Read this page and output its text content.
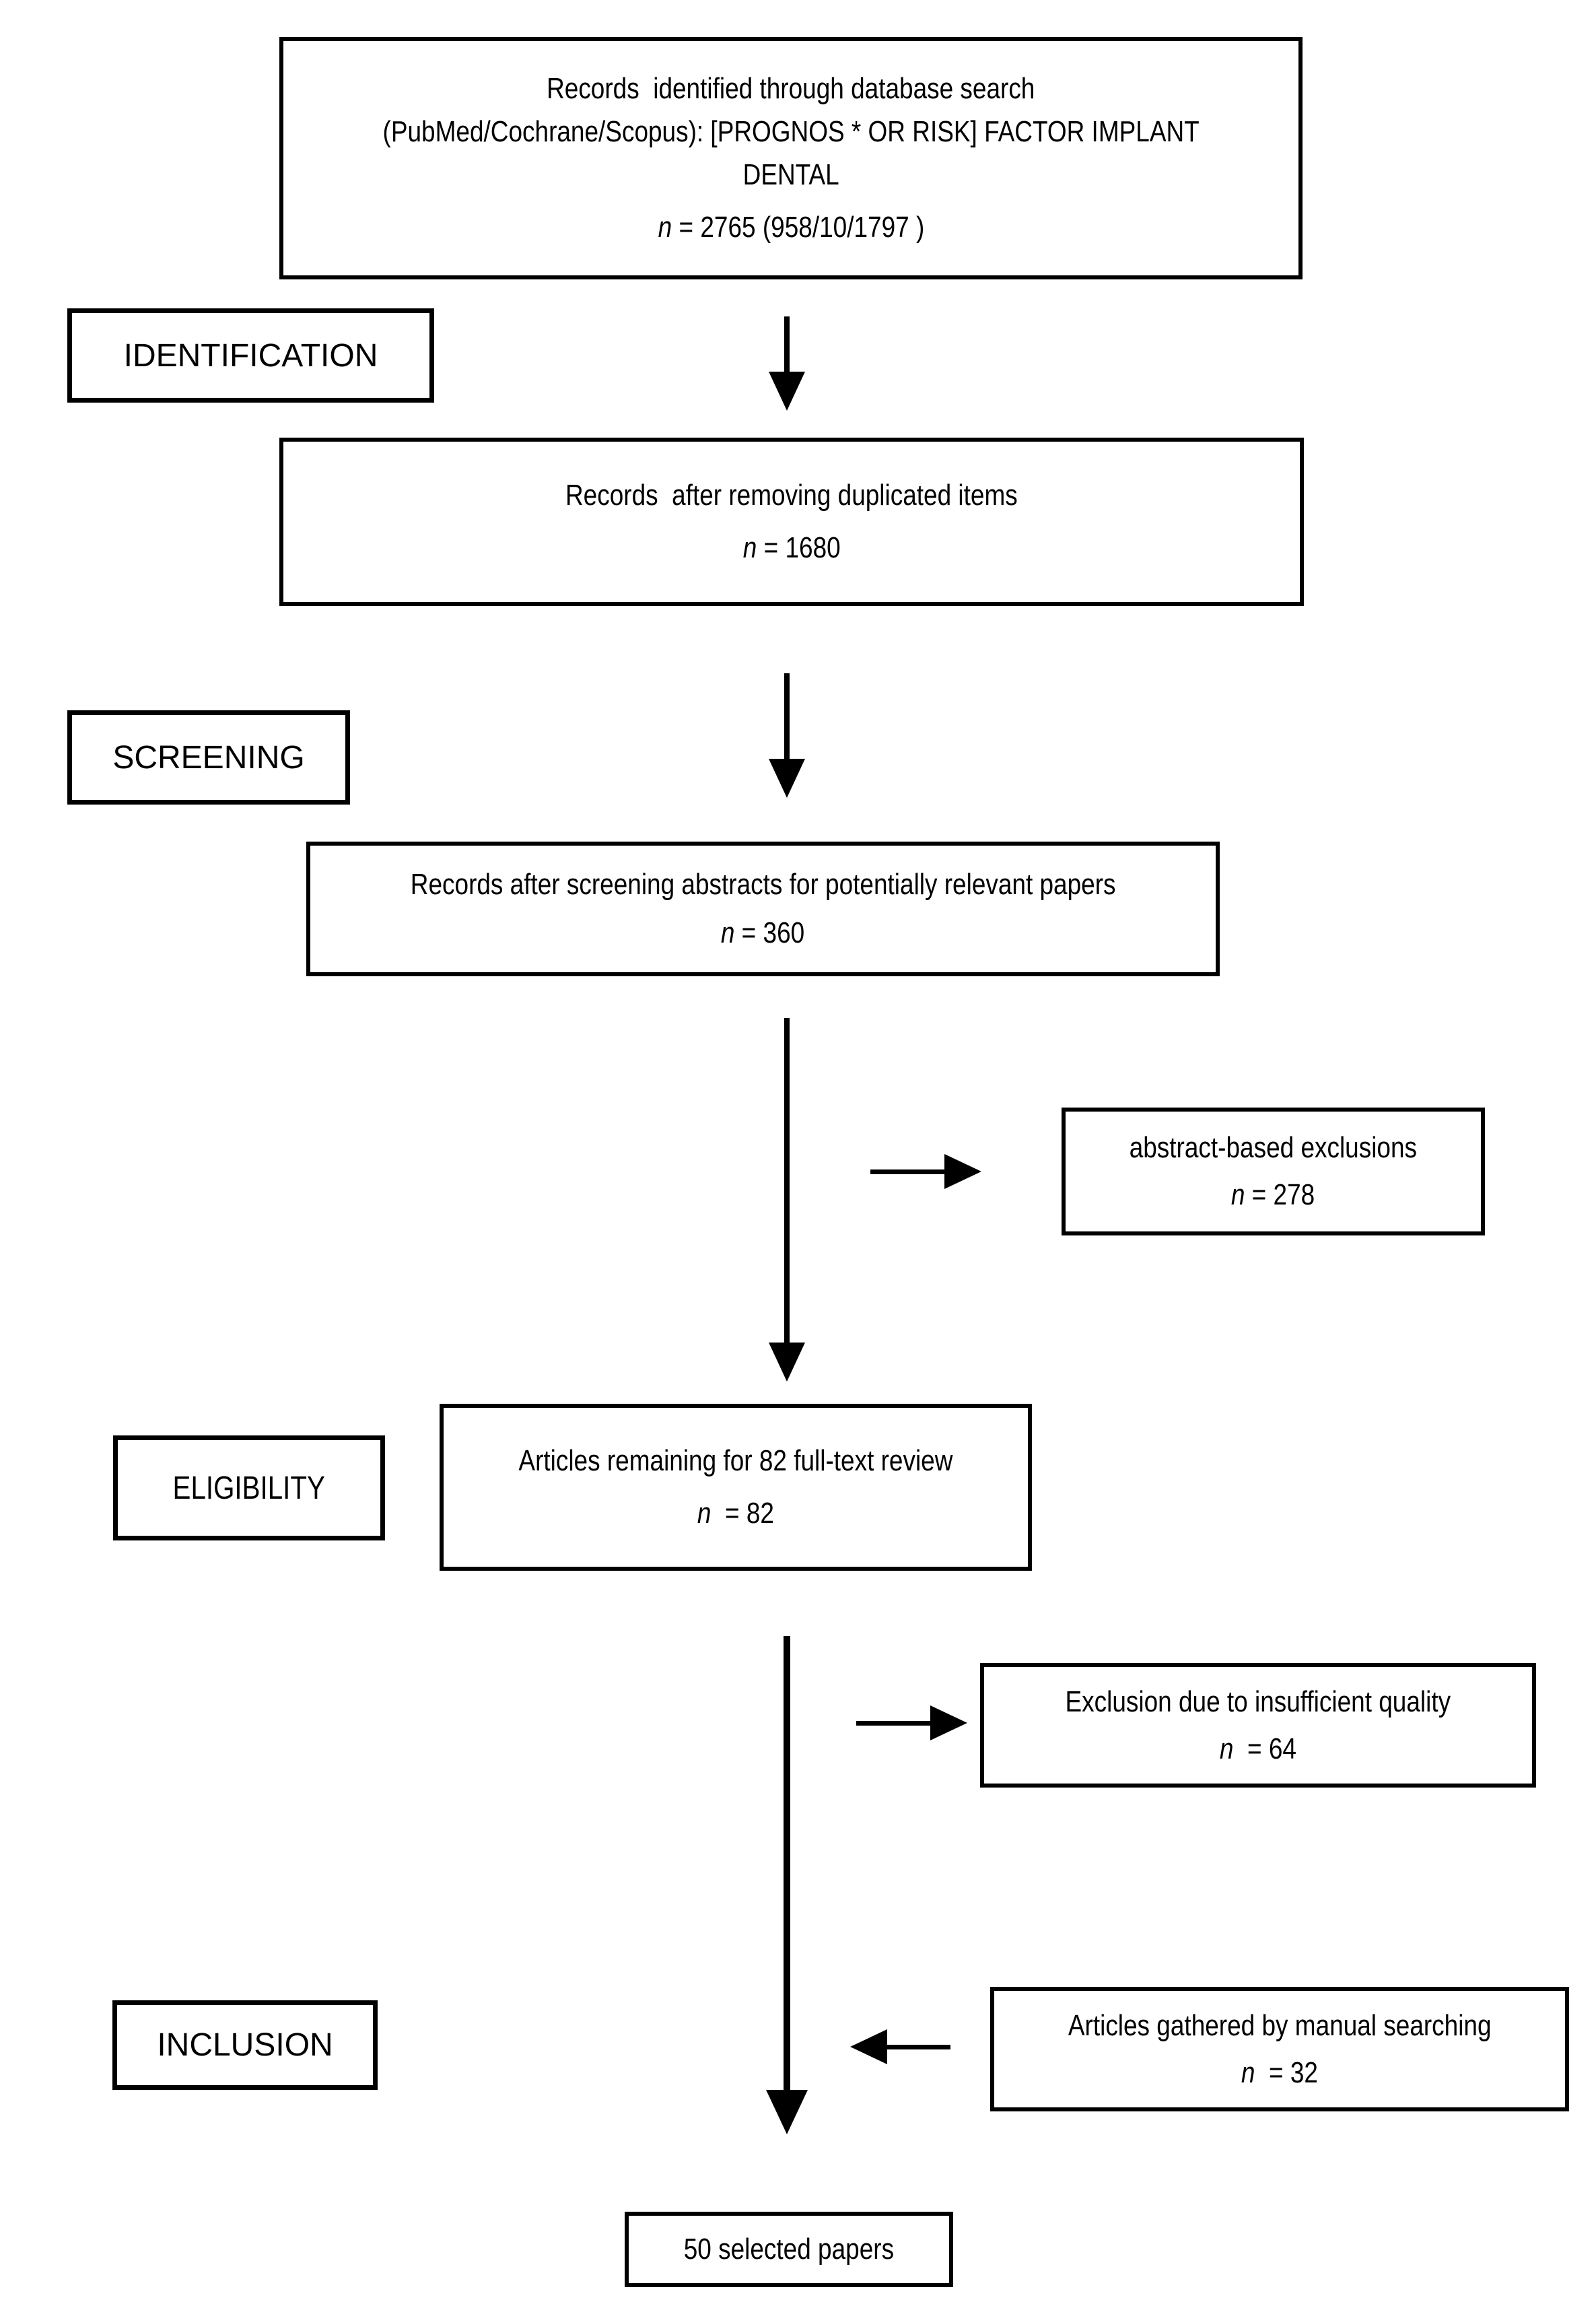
Records  identified through database search
(PubMed/Cochrane/Scopus): [PROGNOS * OR RISK] FACTOR IMPLANT
DENTAL
n = 2765 (958/10/1797 )
IDENTIFICATION
Records  after removing duplicated items
n = 1680
SCREENING
Records after screening abstracts for potentially relevant papers
n = 360
abstract-based exclusions
n = 278
ELIGIBILITY
Articles remaining for 82 full-text review
n  = 82
Exclusion due to insufficient quality
n  = 64
INCLUSION
Articles gathered by manual searching
n  = 32
50 selected papers
